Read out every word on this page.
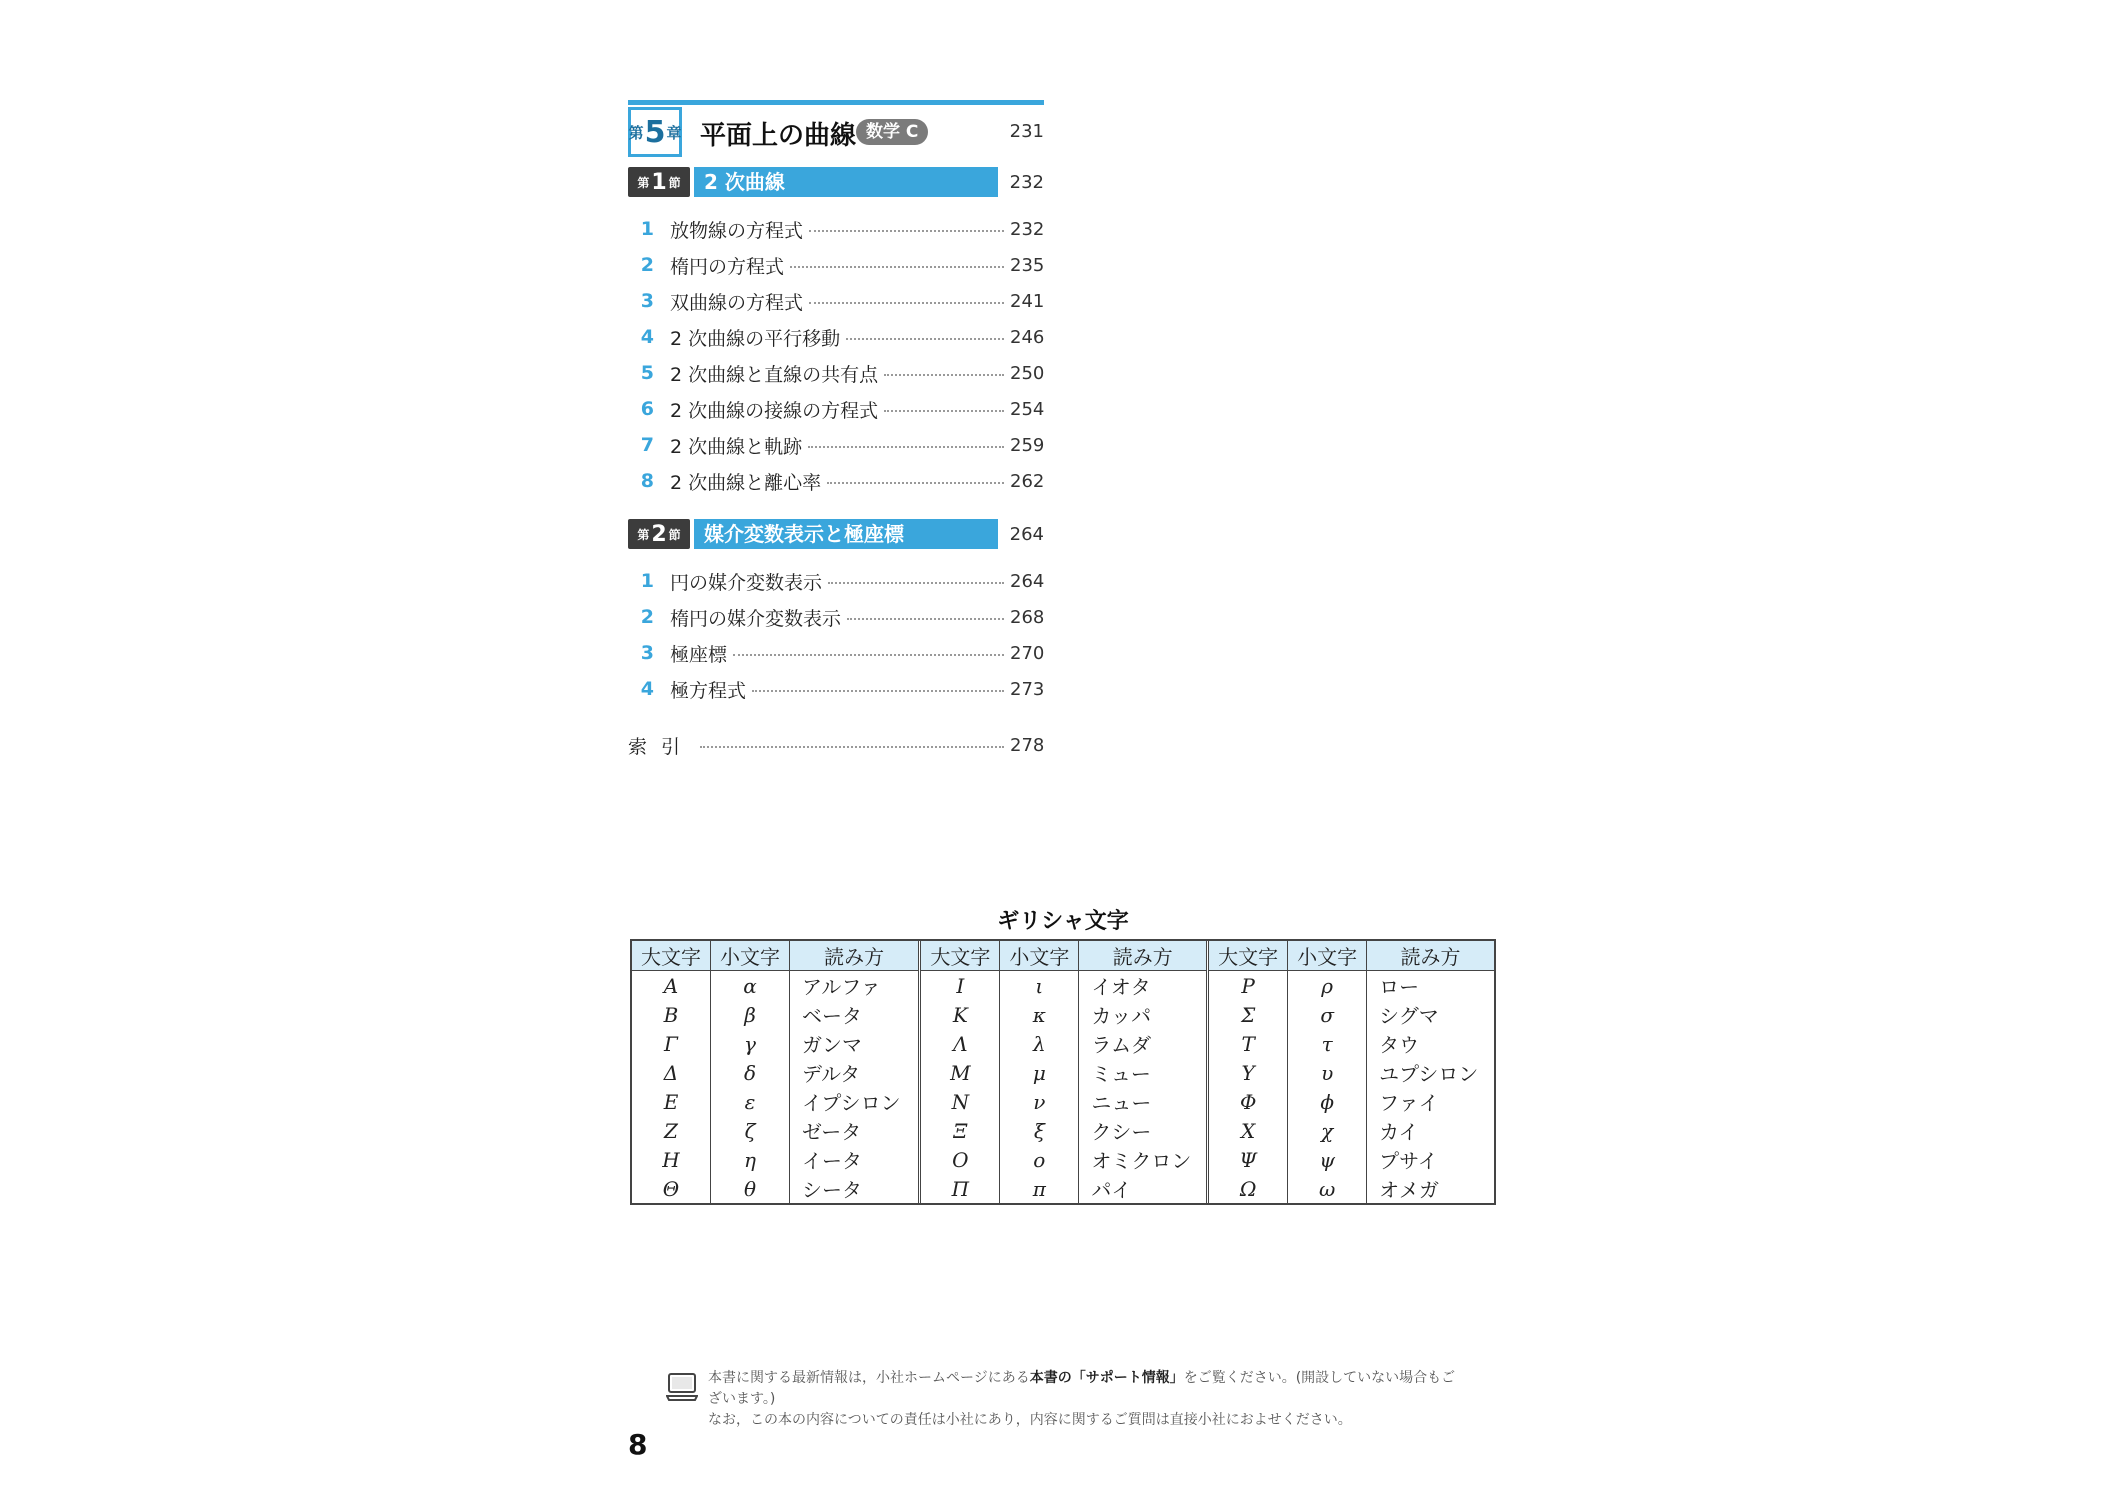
第 5 章 平面上の曲線 数学 C	231
第 1 節	2 次曲線	232
1 放物線の方程式	232
2 楕円の方程式	235
3 双曲線の方程式	241
4 2 次曲線の平行移動	246
5 2 次曲線と直線の共有点	250
6 2 次曲線の接線の方程式	254
7 2 次曲線と軌跡	259
8 2 次曲線と離心率	262
第 2 節	媒介変数表示と極座標	264
1 円の媒介変数表示	264
2 楕円の媒介変数表示	268
3 極座標	270
4 極方程式	273
索引	278
ギリシャ文字
大文字	小文字	読み方
Α	α	アルファ
Β	β	ベータ
Γ	γ	ガンマ
Δ	δ	デルタ
Ε	ε	イプシロン
Ζ	ζ	ゼータ
Η	η	イータ
Θ	θ	シータ
大文字	小文字	読み方
Ι	ι	イオタ
Κ	κ	カッパ
Λ	λ	ラムダ
Μ	μ	ミュー
Ν	ν	ニュー
Ξ	ξ	クシー
Ο	ο	オミクロン
Π	π	パイ
大文字	小文字	読み方
Ρ	ρ	ロー
Σ	σ	シグマ
Τ	τ	タウ
Υ	υ	ユプシロン
Φ	ϕ	ファイ
Χ	χ	カイ
Ψ	ψ	プサイ
Ω	ω	オメガ
本書に関する最新情報は，小社ホームページにある本書の「サポート情報」をご覧ください。(開設していない場合もございます。)
なお，この本の内容についての責任は小社にあり，内容に関するご質問は直接小社におよせください。
8
